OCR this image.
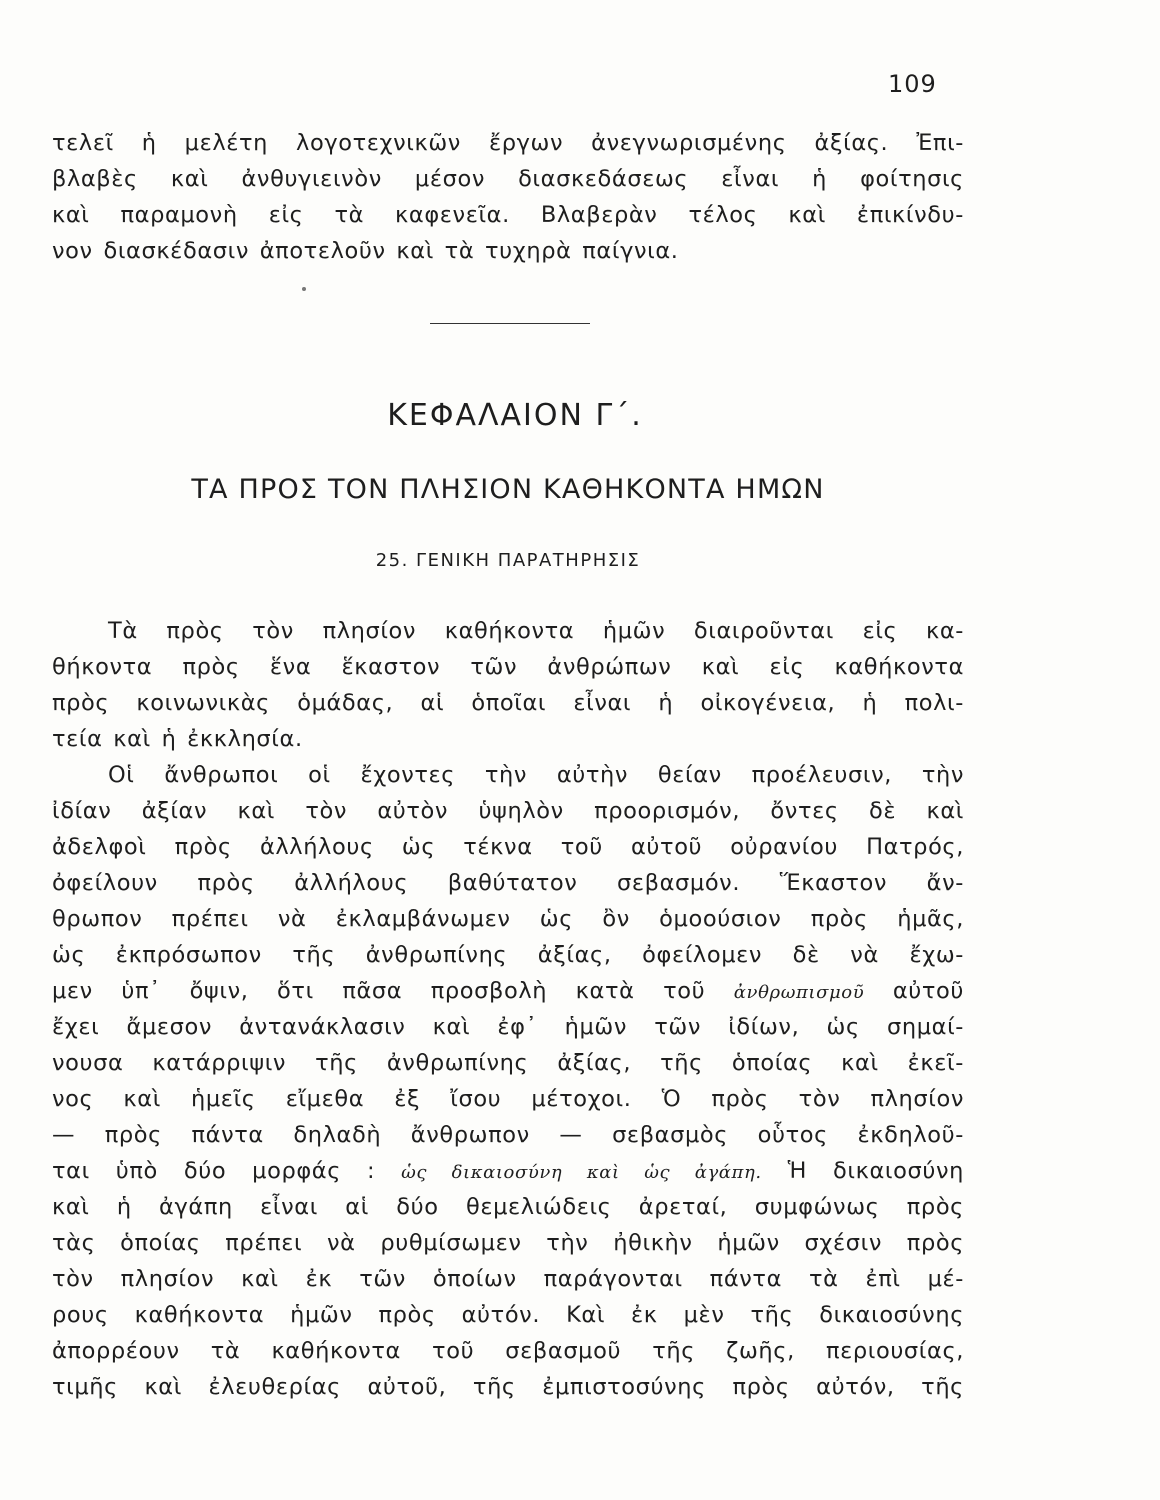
109
τελεῖ ἡ μελέτη λογοτεχνικῶν ἔργων ἀνεγνωρισμένης ἀξίας. Ἐπι-
βλαβὲς καὶ ἀνθυγιεινὸν μέσον διασκεδάσεως εἶναι ἡ φοίτησις
καὶ παραμονὴ εἰς τὰ καφενεῖα. Βλαβερὰν τέλος καὶ ἐπικίνδυ-
νον διασκέδασιν ἀποτελοῦν καὶ τὰ τυχηρὰ παίγνια.
ΚΕΦΑΛΑΙΟΝ Γ΄.
ΤΑ ΠΡΟΣ ΤΟΝ ΠΛΗΣΙΟΝ ΚΑΘΗΚΟΝΤΑ ΗΜΩΝ
25. ΓΕΝΙΚΗ ΠΑΡΑΤΗΡΗΣΙΣ
Τὰ πρὸς τὸν πλησίον καθήκοντα ἡμῶν διαιροῦνται εἰς κα-
θήκοντα πρὸς ἕνα ἕκαστον τῶν ἀνθρώπων καὶ εἰς καθήκοντα
πρὸς κοινωνικὰς ὁμάδας, αἱ ὁποῖαι εἶναι ἡ οἰκογένεια, ἡ πολι-
τεία καὶ ἡ ἐκκλησία.
Οἱ ἄνθρωποι οἱ ἔχοντες τὴν αὐτὴν θείαν προέλευσιν, τὴν
ἰδίαν ἀξίαν καὶ τὸν αὐτὸν ὑψηλὸν προορισμόν, ὄντες δὲ καὶ
ἀδελφοὶ πρὸς ἀλλήλους ὡς τέκνα τοῦ αὐτοῦ οὐρανίου Πατρός,
ὀφείλουν πρὸς ἀλλήλους βαθύτατον σεβασμόν. Ἕκαστον ἄν-
θρωπον πρέπει νὰ ἐκλαμβάνωμεν ὡς ὂν ὁμοούσιον πρὸς ἡμᾶς,
ὡς ἐκπρόσωπον τῆς ἀνθρωπίνης ἀξίας, ὀφείλομεν δὲ νὰ ἔχω-
μεν ὑπ᾿ ὄψιν, ὅτι πᾶσα προσβολὴ κατὰ τοῦ ἀνθρωπισμοῦ αὐτοῦ
ἔχει ἄμεσον ἀντανάκλασιν καὶ ἐφ᾿ ἡμῶν τῶν ἰδίων, ὡς σημαί-
νουσα κατάρριψιν τῆς ἀνθρωπίνης ἀξίας, τῆς ὁποίας καὶ ἐκεῖ-
νος καὶ ἡμεῖς εἴμεθα ἐξ ἴσου μέτοχοι. Ὁ πρὸς τὸν πλησίον
— πρὸς πάντα δηλαδὴ ἄνθρωπον — σεβασμὸς οὗτος ἐκδηλοῦ-
ται ὑπὸ δύο μορφάς : ὡς δικαιοσύνη καὶ ὡς ἀγάπη. Ἡ δικαιοσύνη
καὶ ἡ ἀγάπη εἶναι αἱ δύο θεμελιώδεις ἀρεταί, συμφώνως πρὸς
τὰς ὁποίας πρέπει νὰ ρυθμίσωμεν τὴν ἠθικὴν ἡμῶν σχέσιν πρὸς
τὸν πλησίον καὶ ἐκ τῶν ὁποίων παράγονται πάντα τὰ ἐπὶ μέ-
ρους καθήκοντα ἡμῶν πρὸς αὐτόν. Καὶ ἐκ μὲν τῆς δικαιοσύνης
ἀπορρέουν τὰ καθήκοντα τοῦ σεβασμοῦ τῆς ζωῆς, περιουσίας,
τιμῆς καὶ ἐλευθερίας αὐτοῦ, τῆς ἐμπιστοσύνης πρὸς αὐτόν, τῆς
